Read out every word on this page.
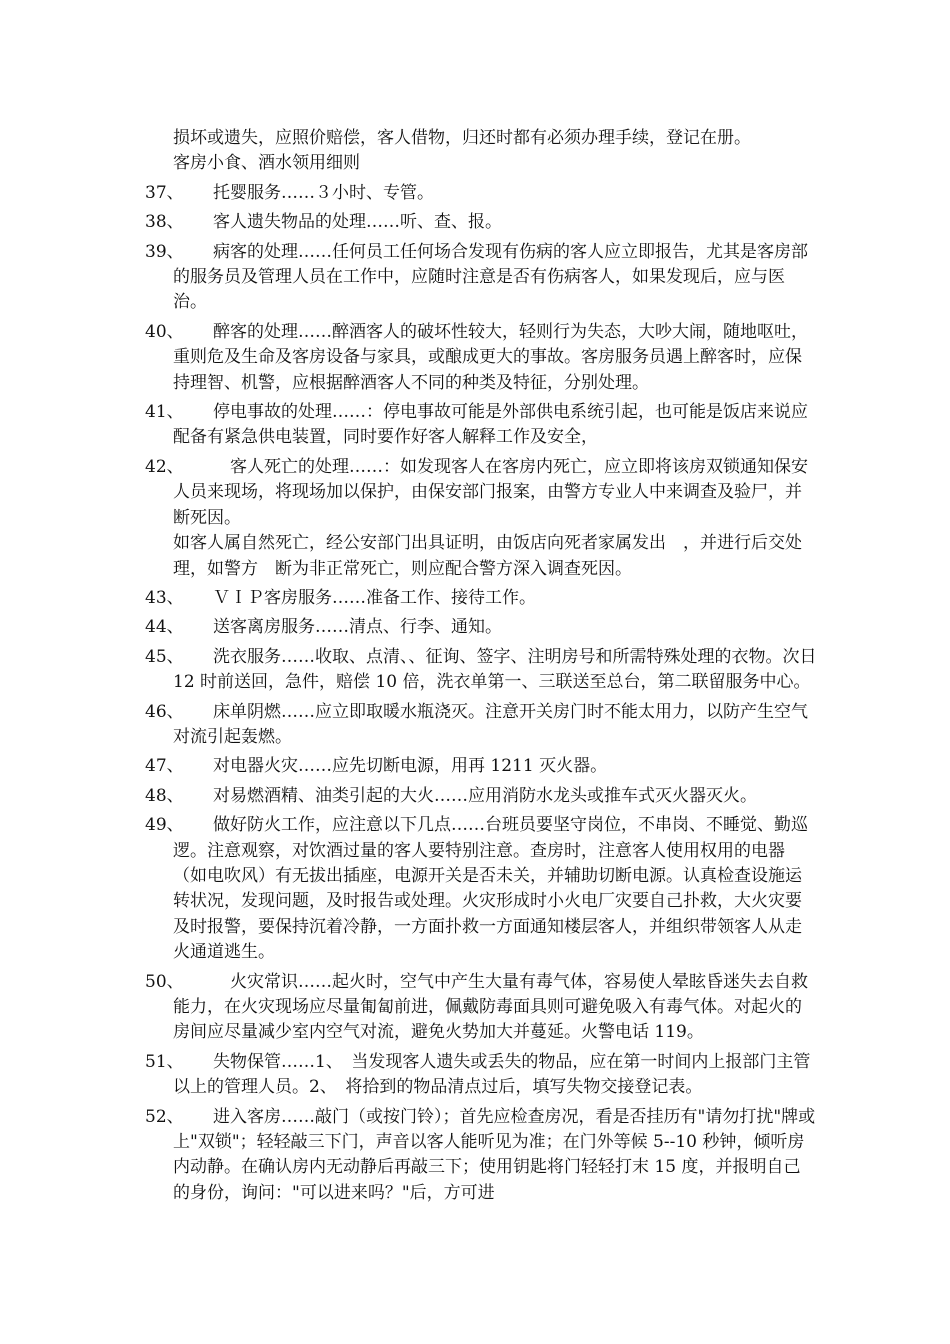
损坏或遗失，应照价赔偿，客人借物，归还时都有必须办理手续，登记在册。

客房小食、酒水领用细则

37、	托婴服务……３小时、专管。
38、	客人遗失物品的处理……听、查、报。
39、	病客的处理……任何员工任何场合发现有伤病的客人应立即报告，尤其是客房部的服务员及管理人员在工作中，应随时注意是否有伤病客人，如果发现后，应与医治。
40、	醉客的处理……醉酒客人的破坏性较大，轻则行为失态，大吵大闹，随地呕吐，重则危及生命及客房设备与家具，或酿成更大的事故。客房服务员遇上醉客时，应保持理智、机警，应根据醉酒客人不同的种类及特征，分别处理。
41、	停电事故的处理……：停电事故可能是外部供电系统引起，也可能是饭店来说应配备有紧急供电装置，同时要作好客人解释工作及安全，
42、	　客人死亡的处理……：如发现客人在客房内死亡，应立即将该房双锁通知保安人员来现场，将现场加以保护，由保安部门报案，由警方专业人中来调查及验尸，并　断死因。

如客人属自然死亡，经公安部门出具证明，由饭店向死者家属发出　，并进行后交处理，如警方　断为非正常死亡，则应配合警方深入调查死因。

43、	ＶＩＰ客房服务……准备工作、接待工作。
44、	送客离房服务……清点、行李、通知。
45、	洗衣服务……收取、点清、、征询、签字、注明房号和所需特殊处理的衣物。次日 12 时前送回，急件，赔偿 10 倍，洗衣单第一、三联送至总台，第二联留服务中心。
46、	床单阴燃……应立即取暖水瓶浇灭。注意开关房门时不能太用力，以防产生空气对流引起轰燃。
47、	对电器火灾……应先切断电源，用再 1211 灭火器。
48、	对易燃酒精、油类引起的大火……应用消防水龙头或推车式灭火器灭火。
49、	做好防火工作，应注意以下几点……台班员要坚守岗位，不串岗、不睡觉、勤巡逻。注意观察，对饮酒过量的客人要特别注意。查房时，注意客人使用权用的电器（如电吹风）有无拔出插座，电源开关是否未关，并辅助切断电源。认真检查设施运转状况，发现问题，及时报告或处理。火灾形成时小火电厂灾要自己扑救，大火灾要及时报警，要保持沉着冷静，一方面扑救一方面通知楼层客人，并组织带领客人从走火通道逃生。
50、	　火灾常识……起火时，空气中产生大量有毒气体，容易使人晕眩昏迷失去自救能力，在火灾现场应尽量匍匐前进，佩戴防毒面具则可避免吸入有毒气体。对起火的房间应尽量减少室内空气对流，避免火势加大并蔓延。火警电话 119。
51、	失物保管……1、　当发现客人遗失或丢失的物品，应在第一时间内上报部门主管以上的管理人员。2、　将拾到的物品清点过后，填写失物交接登记表。
52、	进入客房……敲门（或按门铃）；首先应检查房况，看是否挂历有"请勿打扰"牌或上"双锁"；轻轻敲三下门，声音以客人能听见为准；在门外等候 5--10 秒钟，倾听房内动静。在确认房内无动静后再敲三下；使用钥匙将门轻轻打末 15 度，并报明自己的身份，询问："可以进来吗？"后，方可进
